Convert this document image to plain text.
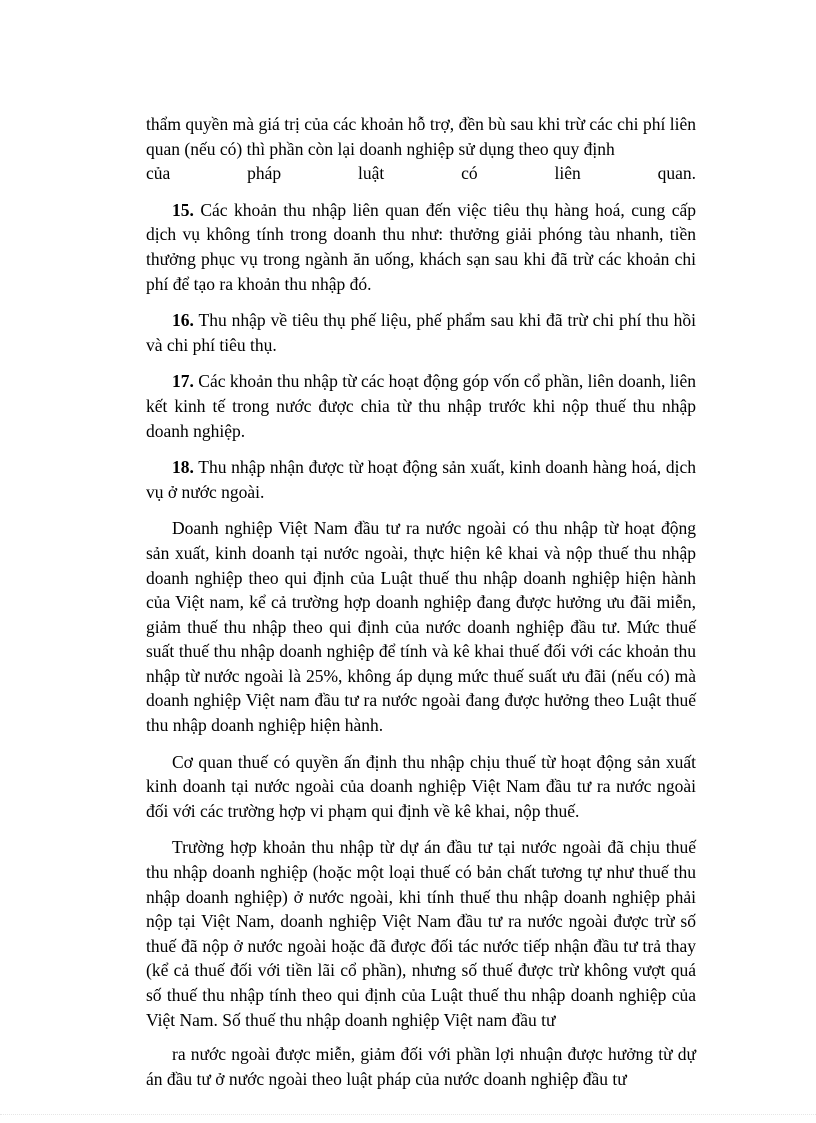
thẩm quyền mà giá trị của các khoản hỗ trợ, đền bù sau khi trừ các chi phí liên quan (nếu có) thì phần còn lại doanh nghiệp sử dụng theo quy định
của pháp luật có liên quan.

15. Các khoản thu nhập liên quan đến việc tiêu thụ hàng hoá, cung cấp dịch vụ không tính trong doanh thu như: thưởng giải phóng tàu nhanh, tiền thưởng phục vụ trong ngành ăn uống, khách sạn sau khi đã trừ các khoản chi phí để tạo ra khoản thu nhập đó.

16. Thu nhập về tiêu thụ phế liệu, phế phẩm sau khi đã trừ chi phí thu hồi và chi phí tiêu thụ.

17. Các khoản thu nhập từ các hoạt động góp vốn cổ phần, liên doanh, liên kết kinh tế trong nước được chia từ thu nhập trước khi nộp thuế thu nhập doanh nghiệp.

18. Thu nhập nhận được từ hoạt động sản xuất, kinh doanh hàng hoá, dịch vụ ở nước ngoài.

Doanh nghiệp Việt Nam đầu tư ra nước ngoài có thu nhập từ hoạt động sản xuất, kinh doanh tại nước ngoài, thực hiện kê khai và nộp thuế thu nhập doanh nghiệp theo qui định của Luật thuế thu nhập doanh nghiệp hiện hành của Việt nam, kể cả trường hợp doanh nghiệp đang được hưởng ưu đãi miễn, giảm thuế thu nhập theo qui định của nước doanh nghiệp đầu tư. Mức thuế suất thuế thu nhập doanh nghiệp để tính và kê khai thuế đối với các khoản thu nhập từ nước ngoài là 25%, không áp dụng mức thuế suất ưu đãi (nếu có) mà doanh nghiệp Việt nam đầu tư ra nước ngoài đang được hưởng theo Luật thuế thu nhập doanh nghiệp hiện hành.

Cơ quan thuế có quyền ấn định thu nhập chịu thuế từ hoạt động sản xuất kinh doanh tại nước ngoài của doanh nghiệp Việt Nam đầu tư ra nước ngoài đối với các trường hợp vi phạm qui định về kê khai, nộp thuế.

Trường hợp khoản thu nhập từ dự án đầu tư tại nước ngoài đã chịu thuế thu nhập doanh nghiệp (hoặc một loại thuế có bản chất tương tự như thuế thu nhập doanh nghiệp) ở nước ngoài, khi tính thuế thu nhập doanh nghiệp phải nộp tại Việt Nam, doanh nghiệp Việt Nam đầu tư ra nước ngoài được trừ số thuế đã nộp ở nước ngoài hoặc đã được đối tác nước tiếp nhận đầu tư trả thay (kể cả thuế đối với tiền lãi cổ phần), nhưng số thuế được trừ không vượt quá số thuế thu nhập tính theo qui định của Luật thuế thu nhập doanh nghiệp của Việt Nam. Số thuế thu nhập doanh nghiệp Việt nam đầu tư

ra nước ngoài được miễn, giảm đối với phần lợi nhuận được hưởng từ dự án đầu tư ở nước ngoài theo luật pháp của nước doanh nghiệp đầu tư
